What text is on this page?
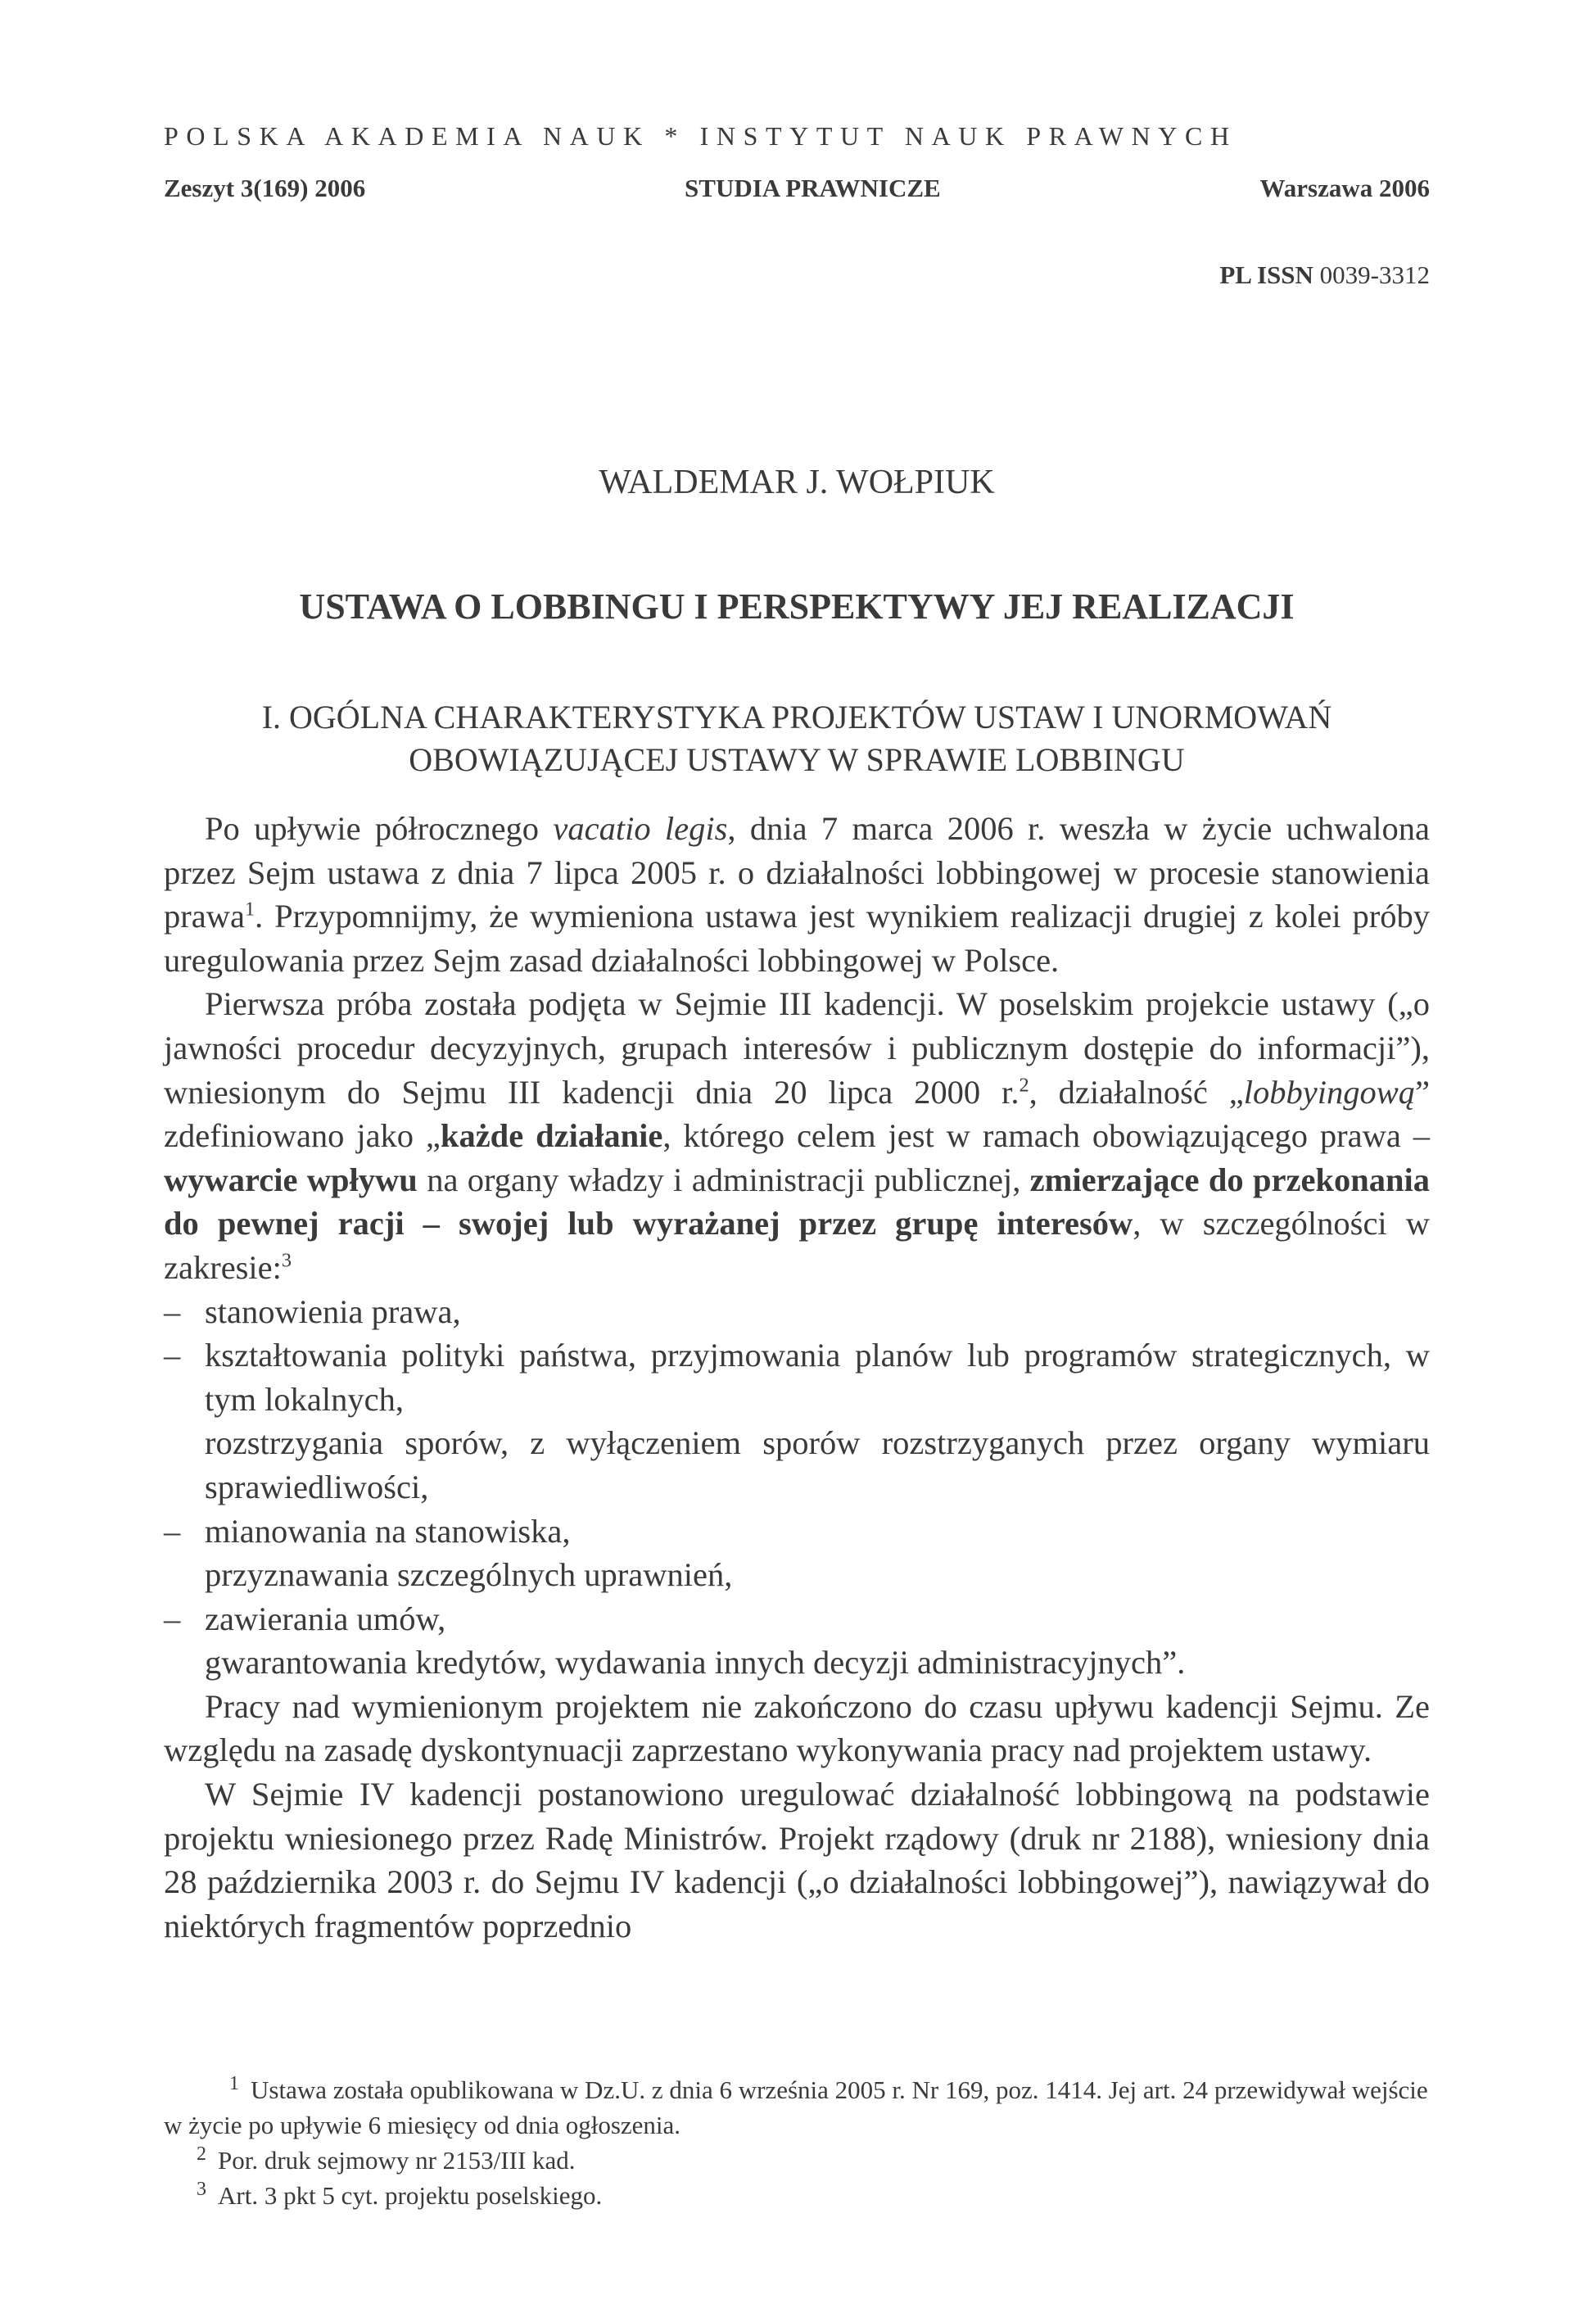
POLSKA AKADEMIA NAUK * INSTYTUT NAUK PRAWNYCH
Zeszyt 3(169) 2006	STUDIA PRAWNICZE	Warszawa 2006
PL ISSN 0039-3312
WALDEMAR J. WOŁPIUK
USTAWA O LOBBINGU I PERSPEKTYWY JEJ REALIZACJI
I. OGÓLNA CHARAKTERYSTYKA PROJEKTÓW USTAW I UNORMOWAŃ
OBOWIĄZUJĄCEJ USTAWY W SPRAWIE LOBBINGU

Po upływie półrocznego vacatio legis, dnia 7 marca 2006 r. weszła w życie uchwalona przez Sejm ustawa z dnia 7 lipca 2005 r. o działalności lobbingowej w procesie stanowienia prawa$^1$. Przypomnijmy, że wymieniona ustawa jest wynikiem realizacji drugiej z kolei próby uregulowania przez Sejm zasad działalności lobbingowej w Polsce.

Pierwsza próba została podjęta w Sejmie III kadencji. W poselskim projekcie ustawy („o jawności procedur decyzyjnych, grupach interesów i publicznym dostępie do informacji”), wniesionym do Sejmu III kadencji dnia 20 lipca 2000 r.$^2$, działalność „lobbyingową” zdefiniowano jako „każde działanie, którego celem jest w ramach obowiązującego prawa – wywarcie wpływu na organy władzy i administracji publicznej, zmierzające do przekonania do pewnej racji – swojej lub wyrażanej przez grupę interesów, w szczególności w zakresie:$^3$

– stanowienia prawa,
– kształtowania polityki państwa, przyjmowania planów lub programów strategicznych, w tym lokalnych,
rozstrzygania sporów, z wyłączeniem sporów rozstrzyganych przez organy wymiaru sprawiedliwości,
– mianowania na stanowiska,
przyznawania szczególnych uprawnień,
– zawierania umów,
gwarantowania kredytów, wydawania innych decyzji administracyjnych”.

Pracy nad wymienionym projektem nie zakończono do czasu upływu kadencji Sejmu. Ze względu na zasadę dyskontynuacji zaprzestano wykonywania pracy nad projektem ustawy.

W Sejmie IV kadencji postanowiono uregulować działalność lobbingową na podstawie projektu wniesionego przez Radę Ministrów. Projekt rządowy (druk nr 2188), wniesiony dnia 28 października 2003 r. do Sejmu IV kadencji („o działalności lobbingowej”), nawiązywał do niektórych fragmentów poprzednio

1 Ustawa została opublikowana w Dz.U. z dnia 6 września 2005 r. Nr 169, poz. 1414. Jej art. 24 przewidywał wejście w życie po upływie 6 miesięcy od dnia ogłoszenia.

2 Por. druk sejmowy nr 2153/III kad.

3 Art. 3 pkt 5 cyt. projektu poselskiego.
